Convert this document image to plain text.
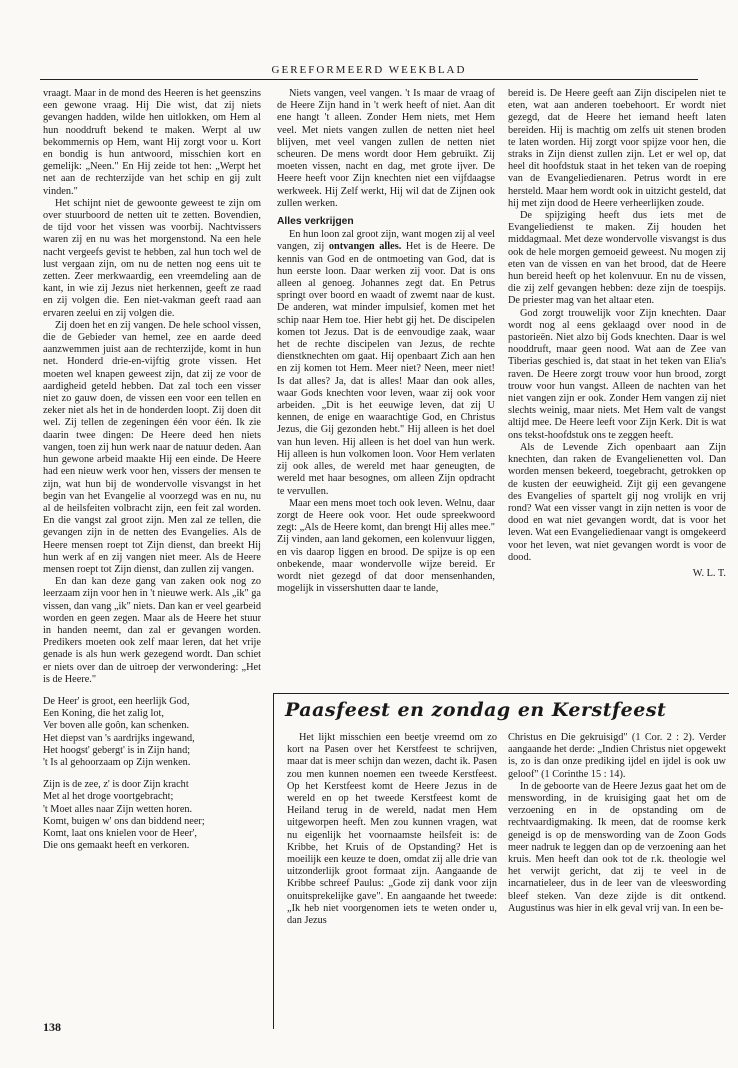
GEREFORMEERD WEEKBLAD

vraagt. Maar in de mond des Heeren is het geenszins een gewone vraag. Hij Die wist, dat zij niets gevangen hadden, wilde hen uitlokken, om Hem al hun nooddruft bekend te maken. Werpt al uw bekommernis op Hem, want Hij zorgt voor u. Kort en bondig is hun antwoord, misschien kort en gemelijk: „Neen." En Hij zeide tot hen: „Werpt het net aan de rechterzijde van het schip en gij zult vinden."

Het schijnt niet de gewoonte geweest te zijn om over stuurboord de netten uit te zetten. Bovendien, de tijd voor het vissen was voorbij. Nachtvissers waren zij en nu was het morgenstond. Na een hele nacht vergeefs gevist te hebben, zal hun toch wel de lust vergaan zijn, om nu de netten nog eens uit te zetten. Zeer merkwaardig, een vreemdeling aan de kant, in wie zij Jezus niet herkennen, geeft ze raad en zij volgen die. Een niet-vakman geeft raad aan ervaren zeelui en zij volgen die.

Zij doen het en zij vangen. De hele school vissen, die de Gebieder van hemel, zee en aarde deed aanzwemmen juist aan de rechterzijde, komt in hun net. Honderd drie-en-vijftig grote vissen. Het moeten wel knapen geweest zijn, dat zij ze voor de aardigheid geteld hebben. Dat zal toch een visser niet zo gauw doen, de vissen een voor een tellen en zeker niet als het in de honderden loopt. Zij doen dit wel. Zij tellen de zegeningen één voor één. Ik zie daarin twee dingen: De Heere deed hen niets vangen, toen zij hun werk naar de natuur deden. Aan hun gewone arbeid maakte Hij een einde. De Heere had een nieuw werk voor hen, vissers der mensen te zijn, wat hun bij de wondervolle visvangst in het begin van het Evangelie al voorzegd was en nu, nu al de heilsfeiten volbracht zijn, een feit zal worden. En die vangst zal groot zijn. Men zal ze tellen, die gevangen zijn in de netten des Evangelies. Als de Heere mensen roept tot Zijn dienst, dan breekt Hij hun werk af en zij vangen niet meer. Als de Heere mensen roept tot Zijn dienst, dan zullen zij vangen.

En dan kan deze gang van zaken ook nog zo leerzaam zijn voor hen in 't nieuwe werk. Als „ik" ga vissen, dan vang „ik" niets. Dan kan er veel gearbeid worden en geen zegen. Maar als de Heere het stuur in handen neemt, dan zal er gevangen worden. Predikers moeten ook zelf maar leren, dat het vrije genade is als hun werk gezegend wordt. Dan schiet er niets over dan de uitroep der verwondering: „Het is de Heere."

De Heer' is groot, een heerlijk God,
Een Koning, die het zalig lot,
Ver boven alle goôn, kan schenken.
Het diepst van 's aardrijks ingewand,
Het hoogst' gebergt' is in Zijn hand;
't Is al gehoorzaam op Zijn wenken.
Zijn is de zee, z' is door Zijn kracht
Met al het droge voortgebracht;
't Moet alles naar Zijn wetten horen.
Komt, buigen w' ons dan biddend neer;
Komt, laat ons knielen voor de Heer',
Die ons gemaakt heeft en verkoren.

Niets vangen, veel vangen. 't Is maar de vraag of de Heere Zijn hand in 't werk heeft of niet. Aan dit ene hangt 't alleen. Zonder Hem niets, met Hem veel. Met niets vangen zullen de netten niet heel blijven, met veel vangen zullen de netten niet scheuren. De mens wordt door Hem gebruikt. Zij moeten vissen, nacht en dag, met grote ijver. De Heere heeft voor Zijn knechten niet een vijfdaagse werkweek. Hij Zelf werkt, Hij wil dat de Zijnen ook zullen werken.

Alles verkrijgen

En hun loon zal groot zijn, want mogen zij al veel vangen, zij ontvangen alles. Het is de Heere. De kennis van God en de ontmoeting van God, dat is hun eerste loon. Daar werken zij voor. Dat is ons alleen al genoeg. Johannes zegt dat. En Petrus springt over boord en waadt of zwemt naar de kust. De anderen, wat minder impulsief, komen met het schip naar Hem toe. Hier hebt gij het. De discipelen komen tot Jezus. Dat is de eenvoudige zaak, waar het de rechte discipelen van Jezus, de rechte dienstknechten om gaat. Hij openbaart Zich aan hen en zij komen tot Hem. Meer niet? Neen, meer niet! Is dat alles? Ja, dat is alles! Maar dan ook alles, waar Gods knechten voor leven, waar zij ook voor arbeiden. „Dit is het eeuwige leven, dat zij U kennen, de enige en waarachtige God, en Christus Jezus, die Gij gezonden hebt." Hij alleen is het doel van hun leven. Hij alleen is het doel van hun werk. Hij alleen is hun volkomen loon. Voor Hem verlaten zij ook alles, de wereld met haar geneugten, de wereld met haar besognes, om alleen Zijn opdracht te vervullen.

Maar een mens moet toch ook leven. Welnu, daar zorgt de Heere ook voor. Het oude spreekwoord zegt: „Als de Heere komt, dan brengt Hij alles mee." Zij vinden, aan land gekomen, een kolenvuur liggen, en vis daarop liggen en brood. De spijze is op een onbekende, maar wondervolle wijze bereid. Er wordt niet gezegd of dat door mensenhanden, mogelijk in vissershutten daar te lande,

bereid is. De Heere geeft aan Zijn discipelen niet te eten, wat aan anderen toebehoort. Er wordt niet gezegd, dat de Heere het iemand heeft laten bereiden. Hij is machtig om zelfs uit stenen broden te laten worden. Hij zorgt voor spijze voor hen, die straks in Zijn dienst zullen zijn. Let er wel op, dat heel dit hoofdstuk staat in het teken van de roeping van de Evangeliedienaren. Petrus wordt in ere hersteld. Maar hem wordt ook in uitzicht gesteld, dat hij met zijn dood de Heere verheerlijken zoude.

De spijziging heeft dus iets met de Evangeliedienst te maken. Zij houden het middagmaal. Met deze wondervolle visvangst is dus ook de hele morgen gemoeid geweest. Nu mogen zij eten van de vissen en van het brood, dat de Heere hun bereid heeft op het kolenvuur. En nu de vissen, die zij zelf gevangen hebben: deze zijn de toespijs. De priester mag van het altaar eten.

God zorgt trouwelijk voor Zijn knechten. Daar wordt nog al eens geklaagd over nood in de pastorieën. Niet alzo bij Gods knechten. Daar is wel nooddruft, maar geen nood. Wat aan de Zee van Tiberias geschied is, dat staat in het teken van Elia's raven. De Heere zorgt trouw voor hun brood, zorgt trouw voor hun vangst. Alleen de nachten van het niet vangen zijn er ook. Zonder Hem vangen zij niet slechts weinig, maar niets. Met Hem valt de vangst altijd mee. De Heere leeft voor Zijn Kerk. Dit is wat ons tekst-hoofdstuk ons te zeggen heeft.

Als de Levende Zich openbaart aan Zijn knechten, dan raken de Evangelienetten vol. Dan worden mensen bekeerd, toegebracht, getrokken op de kusten der eeuwigheid. Zijt gij een gevangene des Evangelies of spartelt gij nog vrolijk en vrij rond? Wat een visser vangt in zijn netten is voor de dood en wat niet gevangen wordt, dat is voor het leven. Wat een Evangeliedienaar vangt is omgekeerd voor het leven, wat niet gevangen wordt is voor de dood.

W. L. T.
Paasfeest en zondag en Kerstfeest

Het lijkt misschien een beetje vreemd om zo kort na Pasen over het Kerstfeest te schrijven, maar dat is meer schijn dan wezen, dacht ik. Pasen zou men kunnen noemen een tweede Kerstfeest. Op het Kerstfeest komt de Heere Jezus in de wereld en op het tweede Kerstfeest komt de Heiland terug in de wereld, nadat men Hem uitgeworpen heeft. Men zou kunnen vragen, wat nu eigenlijk het voornaamste heilsfeit is: de Kribbe, het Kruis of de Opstanding? Het is moeilijk een keuze te doen, omdat zij alle drie van uitzonderlijk groot formaat zijn. Aangaande de Kribbe schreef Paulus: „Gode zij dank voor zijn onuitsprekelijke gave". En aangaande het tweede: „Ik heb niet voorgenomen iets te weten onder u, dan Jezus

Christus en Die gekruisigd" (1 Cor. 2 : 2). Verder aangaande het derde: „Indien Christus niet opgewekt is, zo is dan onze prediking ijdel en ijdel is ook uw geloof" (1 Corinthe 15 : 14).

In de geboorte van de Heere Jezus gaat het om de menswording, in de kruisiging gaat het om de verzoening en in de opstanding om de rechtvaardigmaking. Ik meen, dat de roomse kerk geneigd is op de menswording van de Zoon Gods meer nadruk te leggen dan op de verzoening aan het kruis. Men heeft dan ook tot de r.k. theologie wel het verwijt gericht, dat zij te veel in de incarnatieleer, dus in de leer van de vleeswording bleef steken. Van deze zijde is dit ontkend. Augustinus was hier in elk geval vrij van. In een be-

138
